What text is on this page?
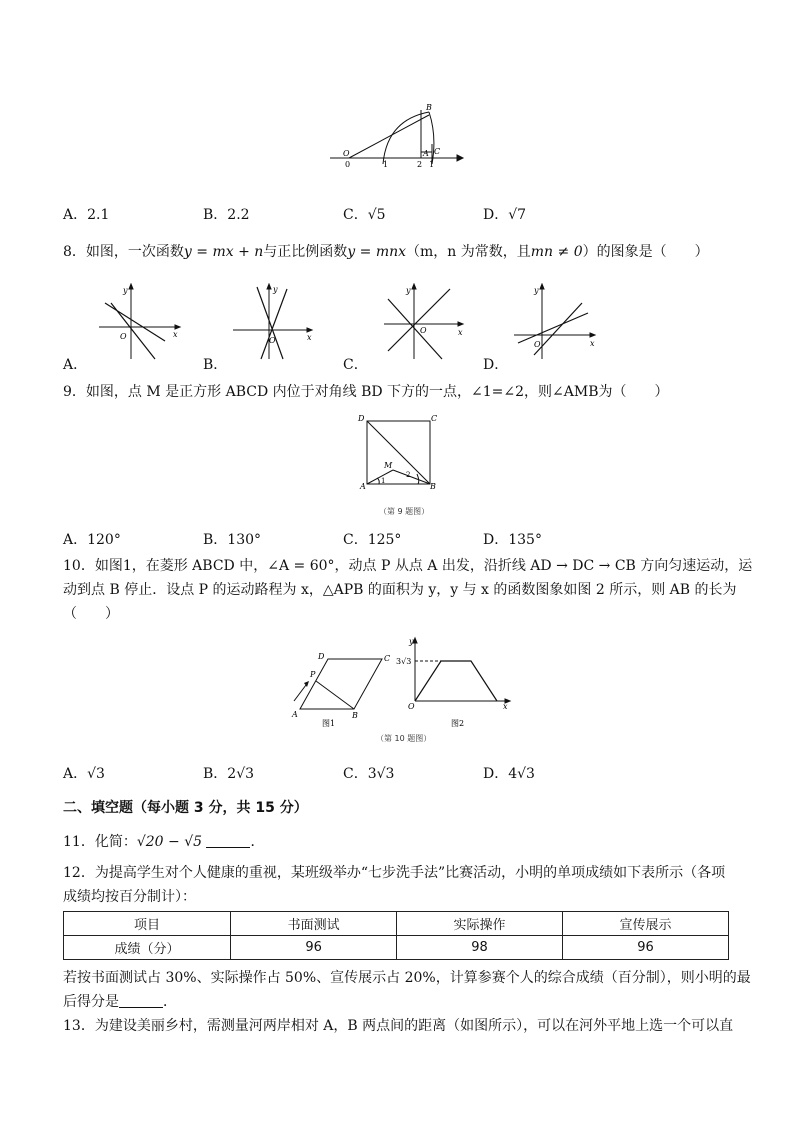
O
0	1	2 1
A
B
C
A．2.1	B．2.2	C．√5	D．√7
8．如图，一次函数y = mx + n与正比例函数y = mnx（m，n 为常数，且mn ≠ 0）的图象是（　　）
y
x
O
A．
y
x
O
B．
y
x
O
C．
y
x
O
D．
9．如图，点 M 是正方形 ABCD 内位于对角线 BD 下方的一点，∠1=∠2，则∠AMB为（　　）
D	C
A	B
M
1
2
（第 9 题图）
A．120°	B．130°	C．125°	D．135°
10．如图1，在菱形 ABCD 中，∠A = 60°，动点 P 从点 A 出发，沿折线 AD → DC → CB 方向匀速运动，运
动到点 B 停止．设点 P 的运动路程为 x，△APB 的面积为 y，y 与 x 的函数图象如图 2 所示，则 AB 的长为
（　　）
D	C
A	B
P
图1
y
x
O
3√3
图2
（第 10 题图）
A．√3	B．2√3	C．3√3	D．4√3
二、填空题（每小题 3 分，共 15 分）
11．化简：√20 − √5	．
12．为提高学生对个人健康的重视，某班级举办“七步洗手法”比赛活动，小明的单项成绩如下表所示（各项
成绩均按百分制计）：
项目	书面测试	实际操作	宣传展示
成绩（分）	96	98	96
若按书面测试占 30%、实际操作占 50%、宣传展示占 20%，计算参赛个人的综合成绩（百分制），则小明的最
后得分是	．
13．为建设美丽乡村，需测量河两岸相对 A，B 两点间的距离（如图所示），可以在河外平地上选一个可以直
